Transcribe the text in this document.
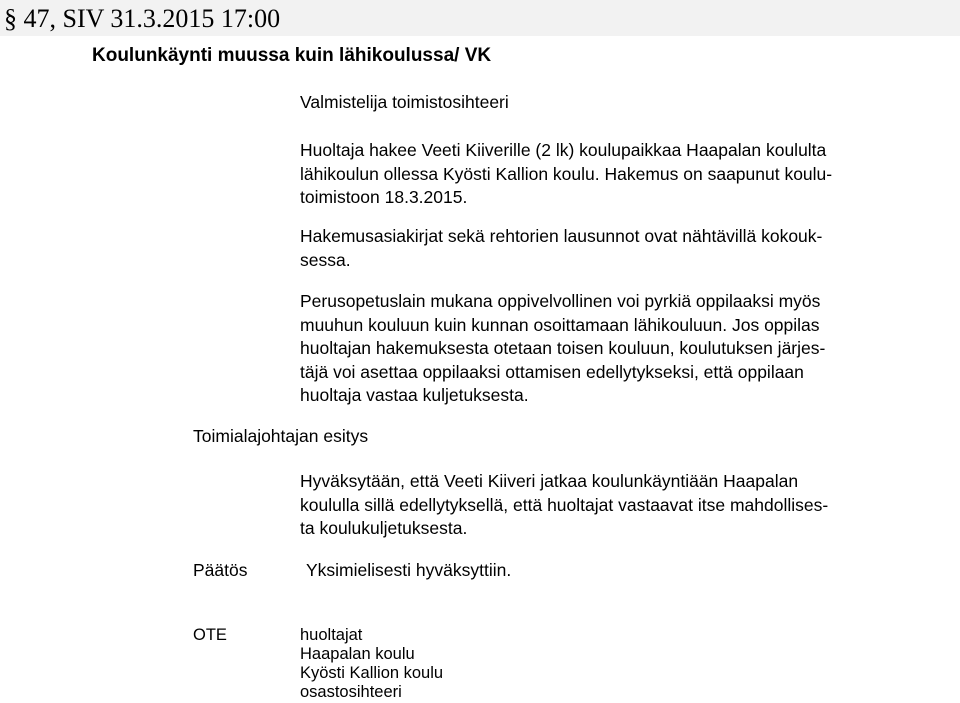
§ 47, SIV 31.3.2015 17:00
Koulunkäynti muussa kuin lähikoulussa/ VK
Valmistelija toimistosihteeri
Huoltaja hakee Veeti Kiiverille (2 lk) koulupaikkaa Haapalan koululta
lähikoulun ollessa Kyösti Kallion koulu. Hakemus on saapunut koulu-
toimistoon 18.3.2015.
Hakemusasiakirjat sekä rehtorien lausunnot ovat nähtävillä kokouk-
sessa.
Perusopetuslain mukana oppivelvollinen voi pyrkiä oppilaaksi myös
muuhun kouluun kuin kunnan osoittamaan lähikouluun. Jos oppilas
huoltajan hakemuksesta otetaan toisen kouluun, koulutuksen järjes-
täjä voi asettaa oppilaaksi ottamisen edellytykseksi, että oppilaan
huoltaja vastaa kuljetuksesta.
Toimialajohtajan esitys
Hyväksytään, että Veeti Kiiveri jatkaa koulunkäyntiään Haapalan
koululla sillä edellytyksellä, että huoltajat vastaavat itse mahdollises-
ta koulukuljetuksesta.
Päätös	Yksimielisesti hyväksyttiin.
OTE	huoltajat
Haapalan koulu
Kyösti Kallion koulu
osastosihteeri
